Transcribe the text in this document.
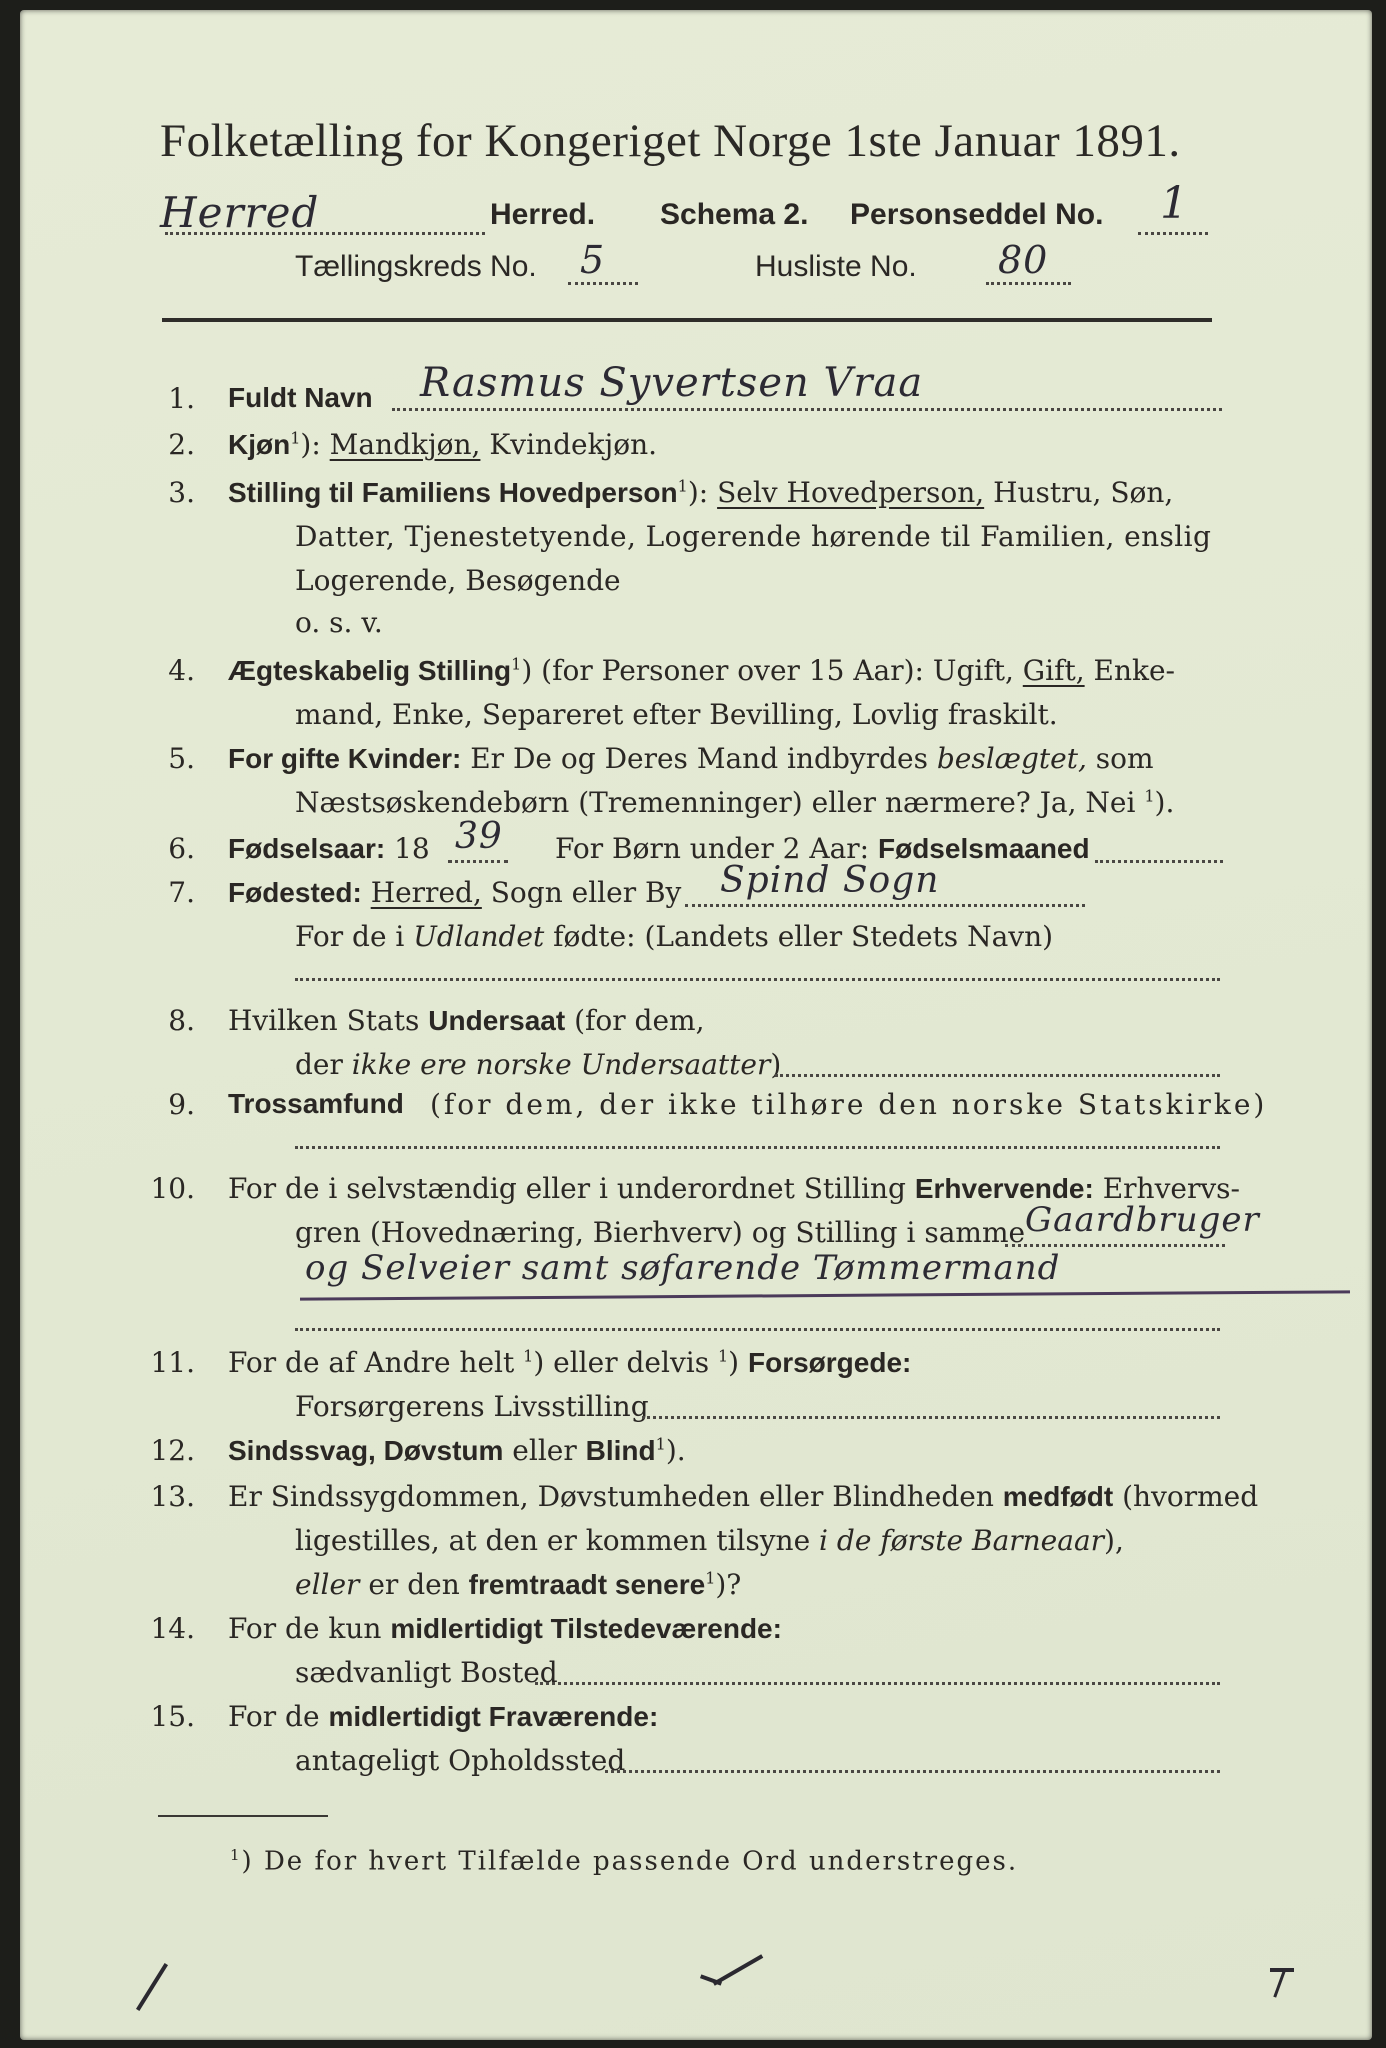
Folketælling for Kongeriget Norge 1ste Januar 1891.
Herred	Herred. Schema 2. Personseddel No. 1
Tællingskreds No. 5	Husliste No. 80
1. Fuldt Navn Rasmus Syvertsen Vraa
2. Kjøn$^1$): Mandkjøn, Kvindekjøn.
3. Stilling til Familiens Hovedperson$^1$): Selv Hovedperson, Hustru, Søn,
Datter, Tjenestetyende, Logerende hørende til Familien, enslig
Logerende, Besøgende
o. s. v.
4. Ægteskabelig Stilling$^1$) (for Personer over 15 Aar): Ugift, Gift, Enke-
mand, Enke, Separeret efter Bevilling, Lovlig fraskilt.
5. For gifte Kvinder: Er De og Deres Mand indbyrdes beslægtet, som
Næstsøskendebørn (Tremenninger) eller nærmere? Ja, Nei $^1$).
6. Fødselsaar: 18 39 For Børn under 2 Aar: Fødselsmaaned
7. Fødested: Herred, Sogn eller By Spind Sogn
For de i Udlandet fødte: (Landets eller Stedets Navn)
8. Hvilken Stats Undersaat (for dem,
der ikke ere norske Undersaatter)
9. Trossamfund (for dem, der ikke tilhøre den norske Statskirke)
10. For de i selvstændig eller i underordnet Stilling Erhvervende: Erhvervs-
gren (Hovednæring, Bierhverv) og Stilling i samme Gaardbruger
og Selveier samt søfarende Tømmermand
11. For de af Andre helt $^1$) eller delvis $^1$) Forsørgede:
Forsørgerens Livsstilling
12. Sindssvag, Døvstum eller Blind$^1$).
13. Er Sindssygdommen, Døvstumheden eller Blindheden medfødt (hvormed
ligestilles, at den er kommen tilsyne i de første Barneaar),
eller er den fremtraadt senere$^1$)?
14. For de kun midlertidigt Tilstedeværende:
sædvanligt Bosted
15. For de midlertidigt Fraværende:
antageligt Opholdssted
$^1$) De for hvert Tilfælde passende Ord understreges.
